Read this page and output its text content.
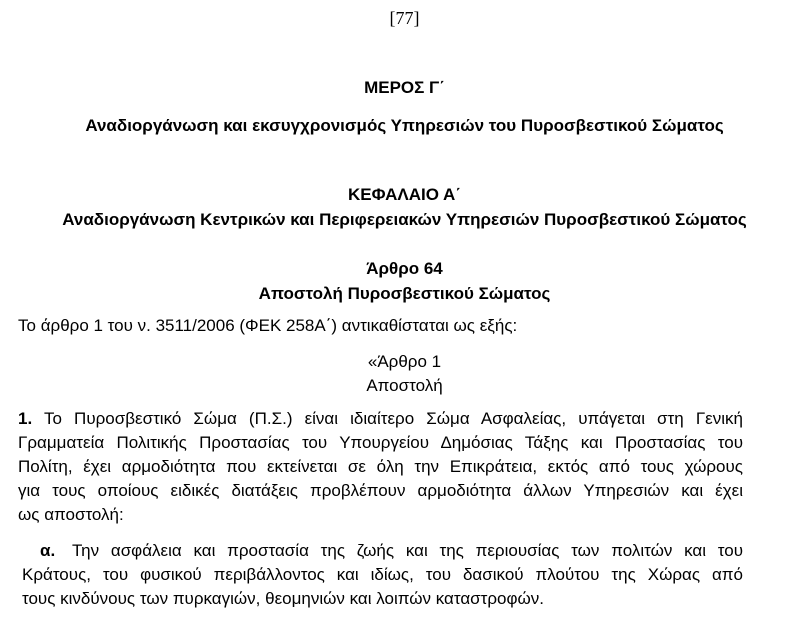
[77]
ΜΕΡΟΣ Γ΄
Αναδιοργάνωση και εκσυγχρονισμός Υπηρεσιών του Πυροσβεστικού Σώματος
ΚΕΦΑΛΑΙΟ Α΄
Αναδιοργάνωση Κεντρικών και Περιφερειακών Υπηρεσιών Πυροσβεστικού Σώματος
Άρθρο 64
Αποστολή Πυροσβεστικού Σώματος
Το άρθρο 1 του ν. 3511/2006 (ΦΕΚ 258Α΄) αντικαθίσταται ως εξής:
«Άρθρο 1
Αποστολή
1. Το Πυροσβεστικό Σώμα (Π.Σ.) είναι ιδιαίτερο Σώμα Ασφαλείας, υπάγεται στη Γενική
Γραμματεία Πολιτικής Προστασίας του Υπουργείου Δημόσιας Τάξης και Προστασίας του
Πολίτη, έχει αρμοδιότητα που εκτείνεται σε όλη την Επικράτεια, εκτός από τους χώρους
για τους οποίους ειδικές διατάξεις προβλέπουν αρμοδιότητα άλλων Υπηρεσιών και έχει
ως αποστολή:
α. Την ασφάλεια και προστασία της ζωής και της περιουσίας των πολιτών και του
Κράτους, του φυσικού περιβάλλοντος και ιδίως, του δασικού πλούτου της Χώρας από
τους κινδύνους των πυρκαγιών, θεομηνιών και λοιπών καταστροφών.
